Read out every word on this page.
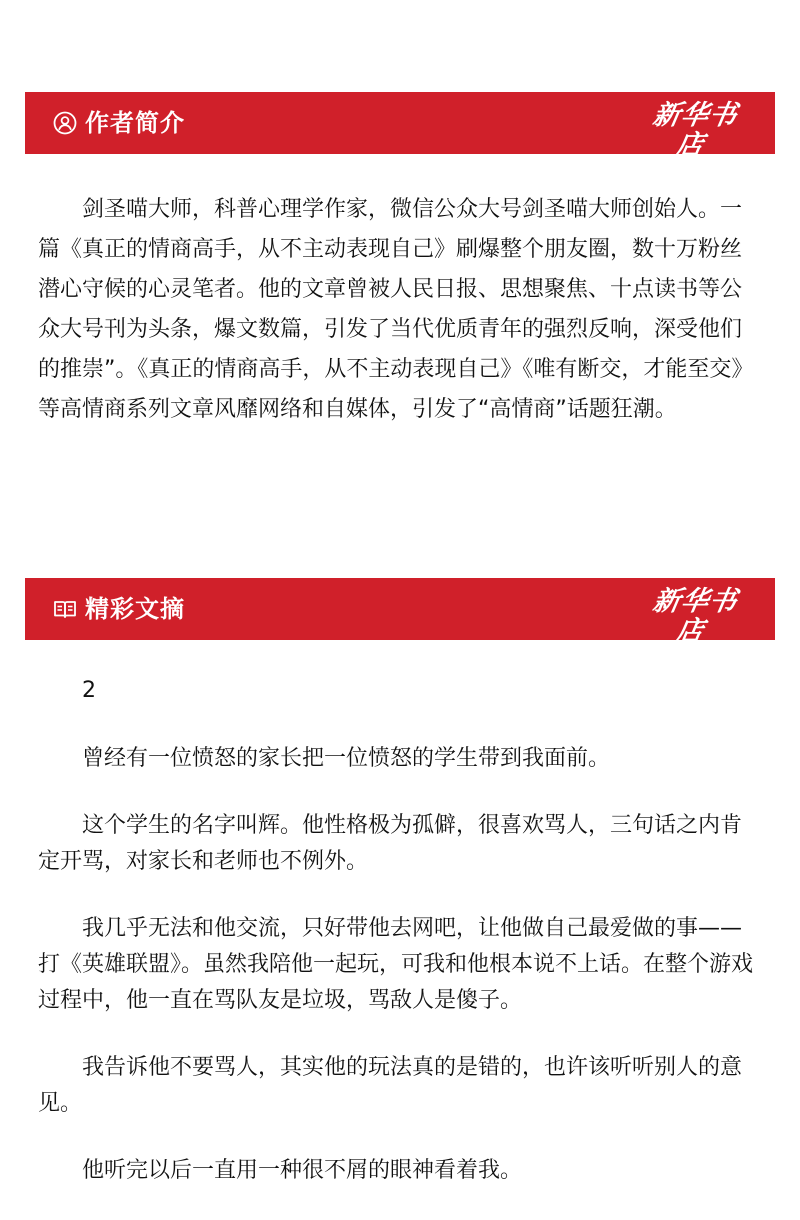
作者简介	新华书店
XINHUA BOOKSTORE

剑圣喵大师，科普心理学作家，微信公众大号剑圣喵大师创始人。一篇《真正的情商高手，从不主动表现自己》刷爆整个朋友圈，数十万粉丝潜心守候的心灵笔者。他的文章曾被人民日报、思想聚焦、十点读书等公众大号刊为头条，爆文数篇，引发了当代优质青年的强烈反响，深受他们的推崇”。《真正的情商高手，从不主动表现自己》《唯有断交，才能至交》等高情商系列文章风靡网络和自媒体，引发了“高情商”话题狂潮。

精彩文摘	新华书店
XINHUA BOOKSTORE

2

曾经有一位愤怒的家长把一位愤怒的学生带到我面前。

这个学生的名字叫辉。他性格极为孤僻，很喜欢骂人，三句话之内肯定开骂，对家长和老师也不例外。

我几乎无法和他交流，只好带他去网吧，让他做自己最爱做的事——打《英雄联盟》。虽然我陪他一起玩，可我和他根本说不上话。在整个游戏过程中，他一直在骂队友是垃圾，骂敌人是傻子。

我告诉他不要骂人，其实他的玩法真的是错的，也许该听听别人的意见。

他听完以后一直用一种很不屑的眼神看着我。
